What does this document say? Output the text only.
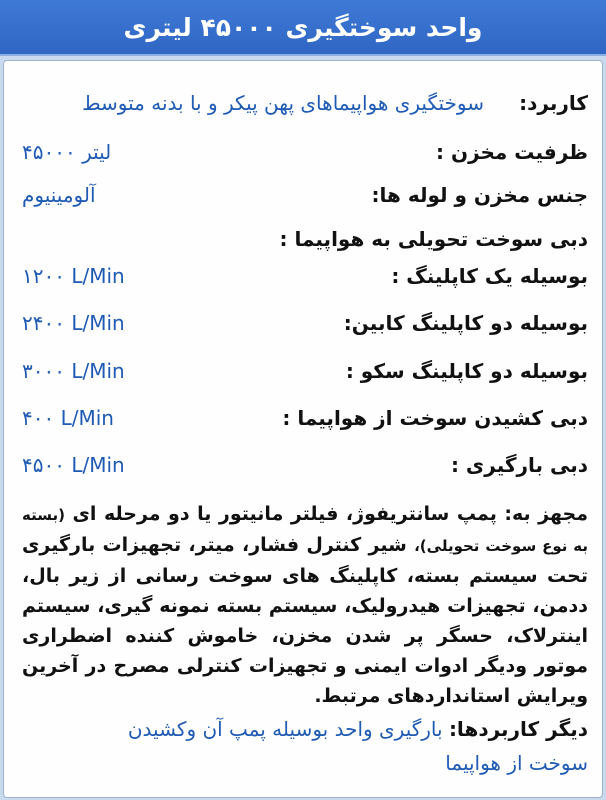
واحد سوختگیری ۴۵۰۰۰ لیتری
کاربرد:
سوختگیری هواپیماهای پهن پیکر و با بدنه متوسط
ظرفیت مخزن :
۴۵۰۰۰ لیتر
جنس مخزن و لوله ها:
آلومینیوم
دبی سوخت تحویلی به هواپیما :
بوسیله یک کاپلینگ :
۱۲۰۰ L/Min
بوسیله دو کاپلینگ کابین:
۲۴۰۰ L/Min
بوسیله دو کاپلینگ سکو :
۳۰۰۰ L/Min
دبی کشیدن سوخت از هواپیما :
۴۰۰ L/Min
دبی بارگیری :
۴۵۰۰ L/Min
مجهز به: پمپ سانتریفوژ، فیلتر مانیتور یا دو مرحله ای (بسته به نوع سوخت تحویلی)، شیر کنترل فشار، میتر، تجهیزات بارگیری تحت سیستم بسته، کاپلینگ های سوخت رسانی از زیر بال، ددمن، تجهیزات هیدرولیک، سیستم بسته نمونه گیری، سیستم اینترلاک، حسگر پر شدن مخزن، خاموش کننده اضطراری موتور ودیگر ادوات ایمنی و تجهیزات کنترلی مصرح در آخرین ویرایش استانداردهای مرتبط.
دیگر کاربردها: بارگیری واحد بوسیله پمپ آن وکشیدن
سوخت از هواپیما
